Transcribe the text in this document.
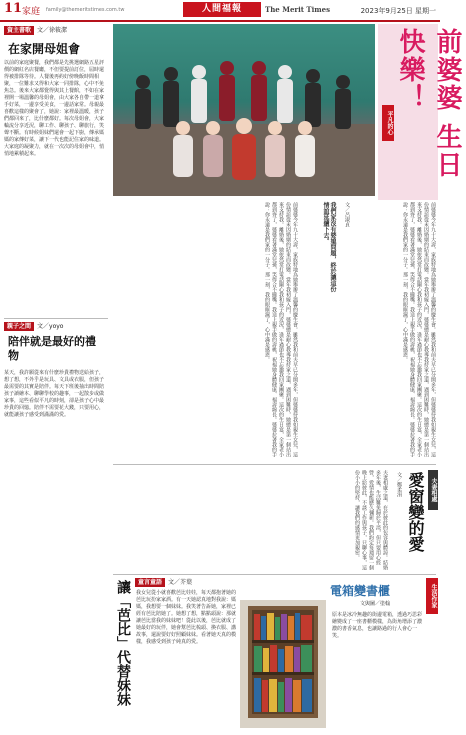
11 家庭 family@themeritstimes.com.tw	人間福報	The Merit Times	2023年9月25日 星期一
資主書歌 文／徐筱潔
在家開母姐會
以前的家庭聚餐，我們都是先挑選網路五星評價的網紅名店餐廳，不但要提前訂位，屆時還得被排隊等待。人餐後再約好傍晚飯時間相聚，一位難求又得和大家一同排隊，心中不免焦急。後來大家都覺得與其上餐館，不如在家裡開一場溫馨的母姐會，由大家各自帶一道拿手好菜，一邊享受美食，一邊話家常。母親最喜歡這樣的聚會了，她說：家裡最溫暖，孩子們都回來了，比什麼都好。每次母姐會，大家輪流分享近況，聊工作、聊孩子、聊旅行，笑聲不斷。有時候姐妹們還會一起下廚，傳承媽媽的家傳好菜，讓下一代也能記住家的味道。大家庭的凝聚力，就在一次次的母姐會中，悄悄地累積起來。
親子之間 文／yoyo
陪伴就是最好的禮物
某天，我許願從來有什麼珍貴禮物送給孩子，想了想，不外乎是玩具、文具或衣服，但孩子最需要的其實是陪伴。每天下班後抽出時間陪孩子讀繪本、聊聊學校的趣事，一起散步或做家事，這些看似平凡的時刻，卻是孩子心中最珍貴的回憶。陪伴不需要花大錢，只要用心，就能讓孩子感受到滿滿的愛。
前婆婆 生日快樂！
平凡的心
我們家沒有婆媳問題，終於讓這份情誼延續下去。	文／呂淑貞
前婆婆今年九十大壽，家族特地為她舉辦了溫馨的慶生會。雖然我和前夫早已分開多年，但婆婆待我如親生女兒，這份情誼從未因婚姻的結束而改變。當年我初嫁入門，婆婆總是耐心教導我持家之道，遇到困難時，她總是第一個站出來支持我。離婚後，她依然常打電話關心我和孩子的近況，逢年過節也不忘邀我回家團聚。這次的生日宴，全家老小都到齊了，婆婆看著滿堂兒孫，笑得合不攏嘴。我送上親手做的壽桃，祝福她身體健康、福壽綿長。婆婆拉著我的手說：你永遠是我們家的一分子。那一刻，我的眼眶濕了，心中滿是感恩。	前婆婆今年九十大壽，家族特地為她舉辦了溫馨的慶生會。雖然我和前夫早已分開多年，但婆婆待我如親生女兒，這份情誼從未因婚姻的結束而改變。當年我初嫁入門，婆婆總是耐心教導我持家之道，遇到困難時，她總是第一個站出來支持我。離婚後，她依然常打電話關心我和孩子的近況，逢年過節也不忘邀我回家團聚。這次的生日宴，全家老小都到齊了，婆婆看著滿堂兒孫，笑得合不攏嘴。我送上親手做的壽桃，祝福她身體健康、福壽綿長。婆婆拉著我的手說：你永遠是我們家的一分子。那一刻，我的眼眶濕了，心中滿是感恩。
夫妻相處
愛窗變的愛
文／鄭柔涓
夫妻相處之道，在於彼此的包容與體諒。結婚多年後，生活難免歸於平淡，但只要用心經營，愛情也能歷久彌新。我們約定每週留一個晚上給彼此，不談工作與孩子，只聊心事，這份小小的堅持，讓我們的感情更加親密。
童言童語 文／芥葉
讓「芭比」代替妹妹	我女兒從小就喜歡芭比娃娃，每天都抱著她的芭比玩扮家家酒。有一天她認真地對我說：媽媽，我想要一個妹妹。我笑著告訴她，家裡已經有芭比陪她了。她想了想，點點頭說：那就讓芭比當我的妹妹吧！從此以後，芭比就成了她最好的玩伴，她會幫芭比梳頭、換衣服、講故事，還說要好好照顧妹妹。看著她天真的模樣，我感受到孩子純真的愛。
生活作家
電箱變書櫃
文與圖／塗翰
原本是冰冷無趣的街邊電箱，透過巧思彩繪變成了一座書櫃模樣，為街角增添了濃濃的書香氣息，也讓路過的行人會心一笑。
